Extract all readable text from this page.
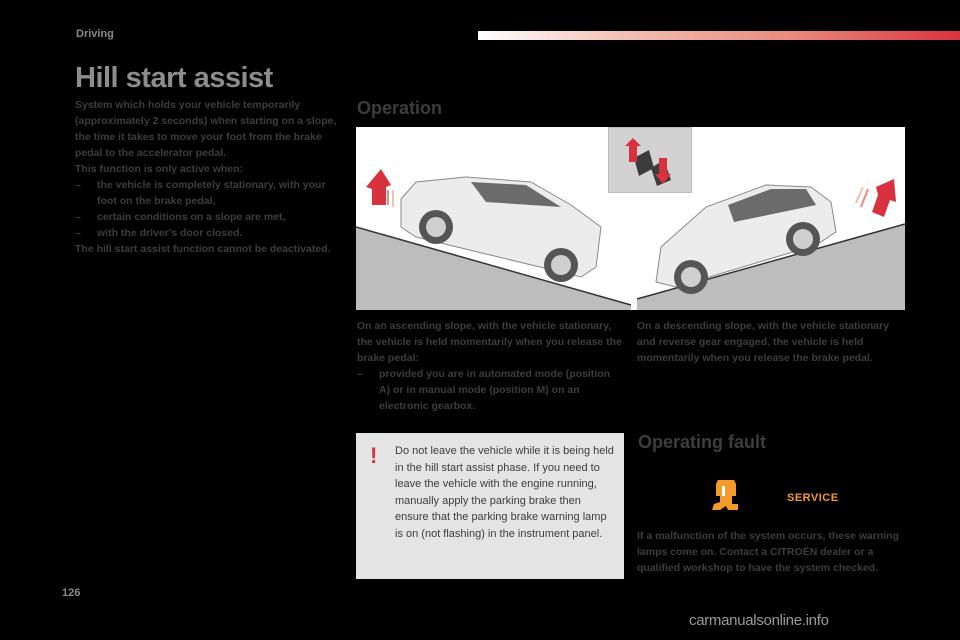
Driving
Hill start assist

System which holds your vehicle temporarily (approximately 2 seconds) when starting on a slope, the time it takes to move your foot from the brake pedal to the accelerator pedal.

This function is only active when:

–	the vehicle is completely stationary, with your foot on the brake pedal,
–	certain conditions on a slope are met,
–	with the driver's door closed.

The hill start assist function cannot be deactivated.

Operation

On an ascending slope, with the vehicle stationary, the vehicle is held momentarily when you release the brake pedal:

–	provided you are in automated mode (position A) or in manual mode (position M) on an electronic gearbox.

On a descending slope, with the vehicle stationary and reverse gear engaged, the vehicle is held momentarily when you release the brake pedal.

! Do not leave the vehicle while it is being held in the hill start assist phase. If you need to leave the vehicle with the engine running, manually apply the parking brake then ensure that the parking brake warning lamp is on (not flashing) in the instrument panel.
Operating fault
SERVICE
If a malfunction of the system occurs, these warning lamps come on. Contact a CITROËN dealer or a qualified workshop to have the system checked.
126
carmanualsonline.info
